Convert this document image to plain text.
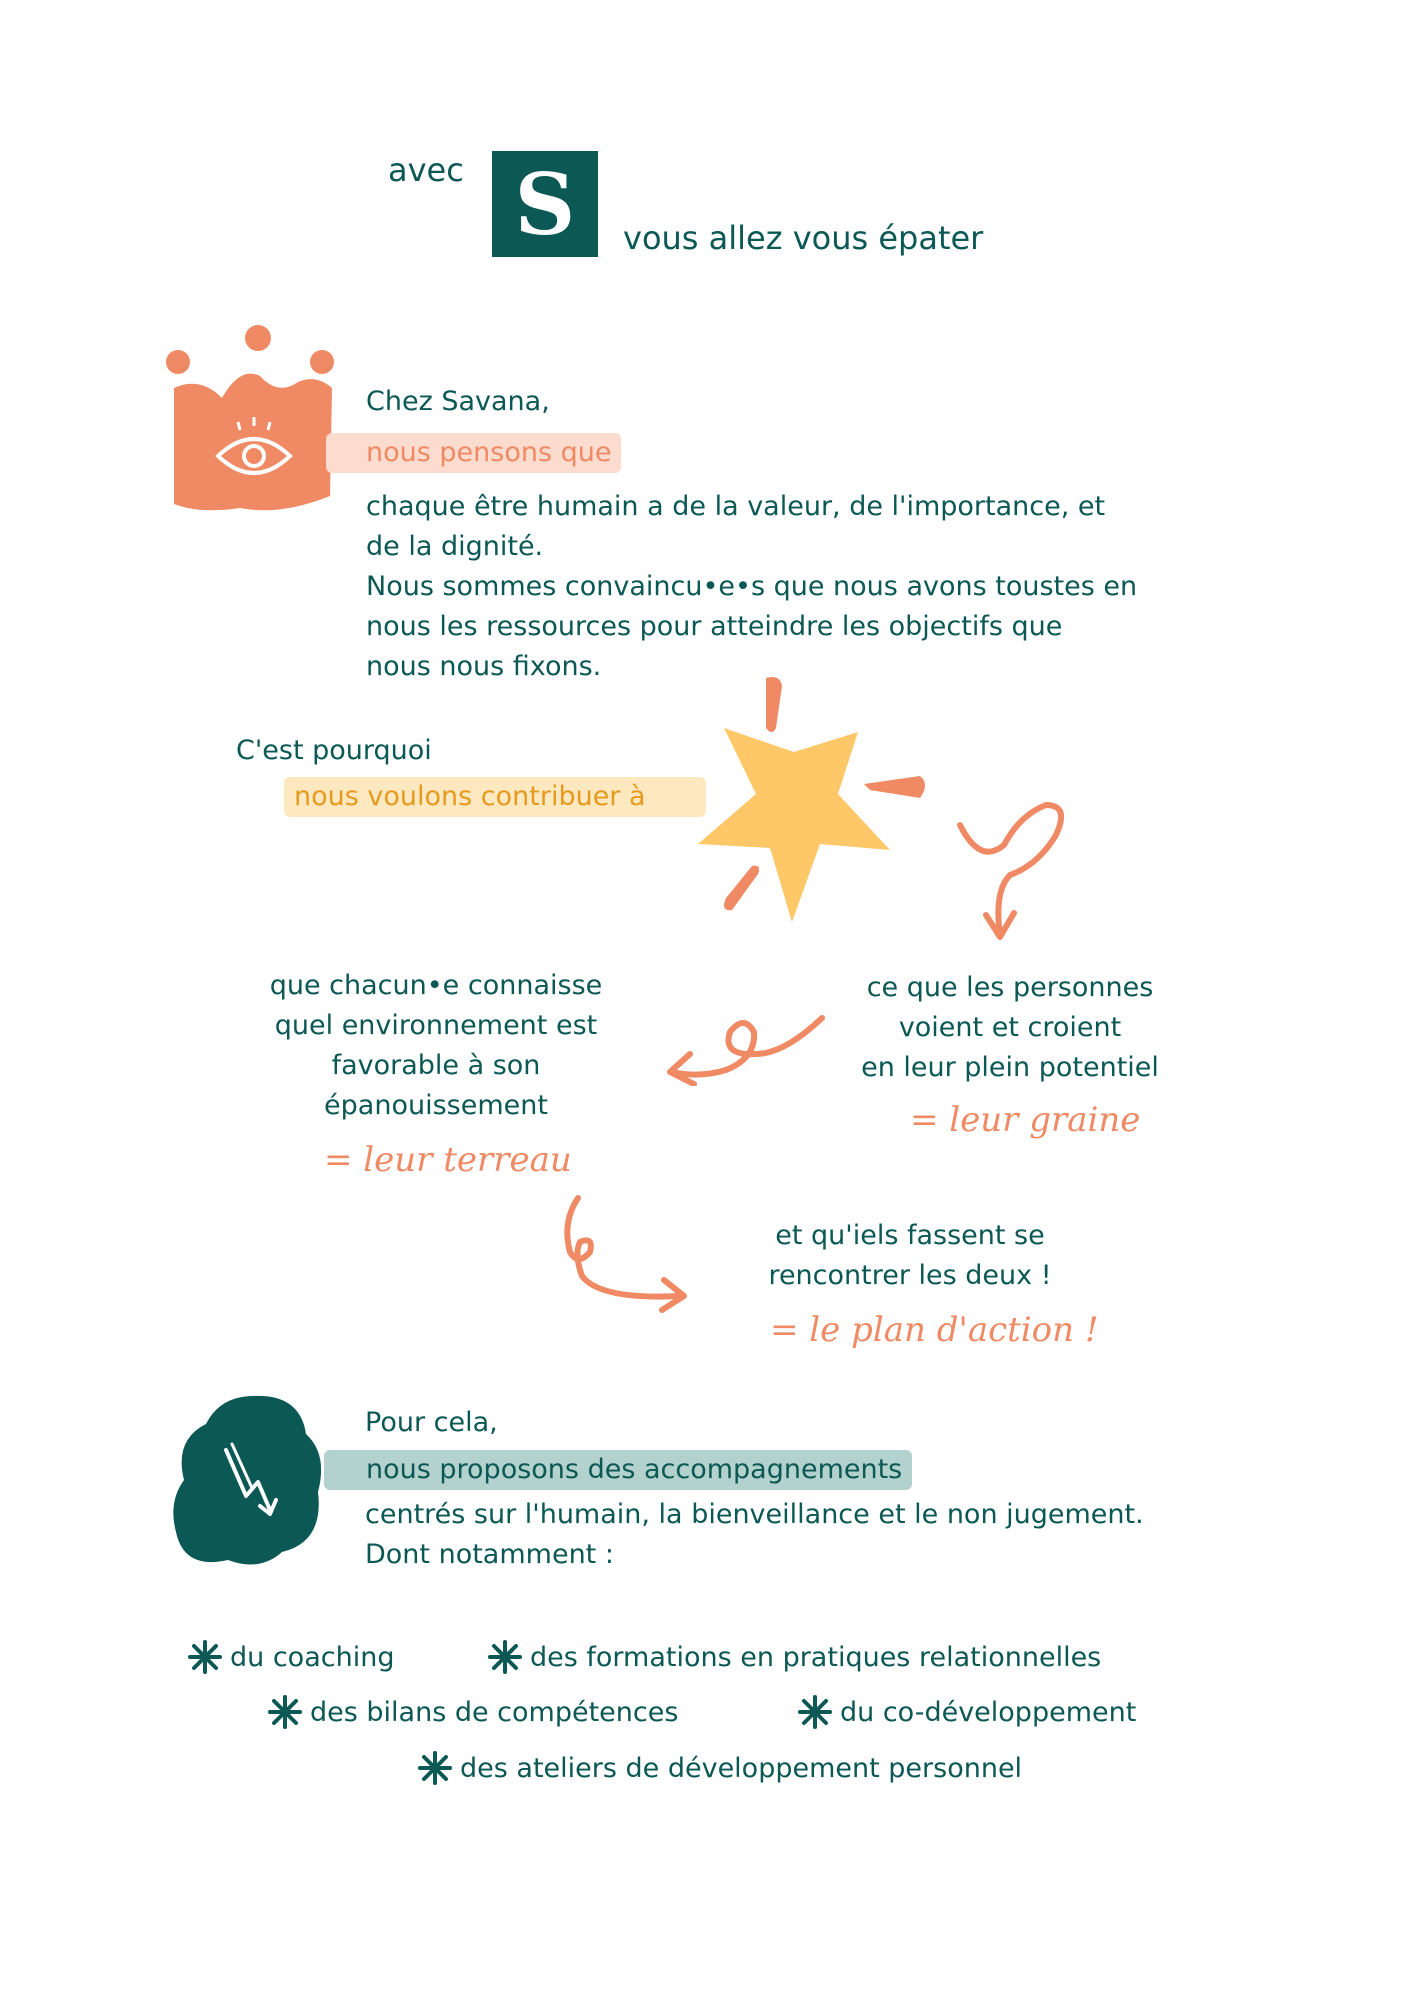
avec S vous allez vous épater
Chez Savana,
nous pensons que
chaque être humain a de la valeur, de l'importance, et
de la dignité.
Nous sommes convaincu•e•s que nous avons toustes en
nous les ressources pour atteindre les objectifs que
nous nous fixons.
C'est pourquoi
nous voulons contribuer à
que chacun•e connaisse
quel environnement est
favorable à son
épanouissement
= leur terreau
ce que les personnes
voient et croient
en leur plein potentiel
= leur graine
et qu'iels fassent se
rencontrer les deux !
= le plan d'action !
Pour cela,
nous proposons des accompagnements
centrés sur l'humain, la bienveillance et le non jugement.
Dont notamment :
du coaching	des formations en pratiques relationnelles
des bilans de compétences	du co-développement
des ateliers de développement personnel
